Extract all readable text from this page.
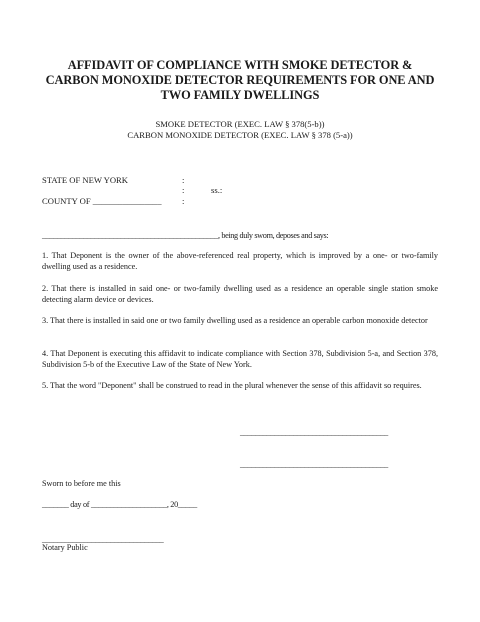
AFFIDAVIT OF COMPLIANCE WITH SMOKE DETECTOR & CARBON MONOXIDE DETECTOR REQUIREMENTS FOR ONE AND TWO FAMILY DWELLINGS
SMOKE DETECTOR (EXEC. LAW § 378(5-b))
CARBON MONOXIDE DETECTOR (EXEC. LAW § 378 (5-a))
STATE OF NEW YORK	:
:	ss.:
COUNTY OF ________________ :
_______________________________________________, being duly sworn, deposes and says:
1. That Deponent is the owner of the above-referenced real property, which is improved by a one- or two-family dwelling used as a residence.
2. That there is installed in said one- or two-family dwelling used as a residence an operable single station smoke detecting alarm device or devices.
3. That there is installed in said one or two family dwelling used as a residence an operable carbon monoxide detector
4. That Deponent is executing this affidavit to indicate compliance with Section 378, Subdivision 5-a, and Section 378, Subdivision 5-b of the Executive Law of the State of New York.
5. That the word "Deponent" shall be construed to read in the plural whenever the sense of this affidavit so requires.
_______________________________________
_______________________________________
Sworn to before me this
_______ day of ____________________, 20_____
________________________________
Notary Public
